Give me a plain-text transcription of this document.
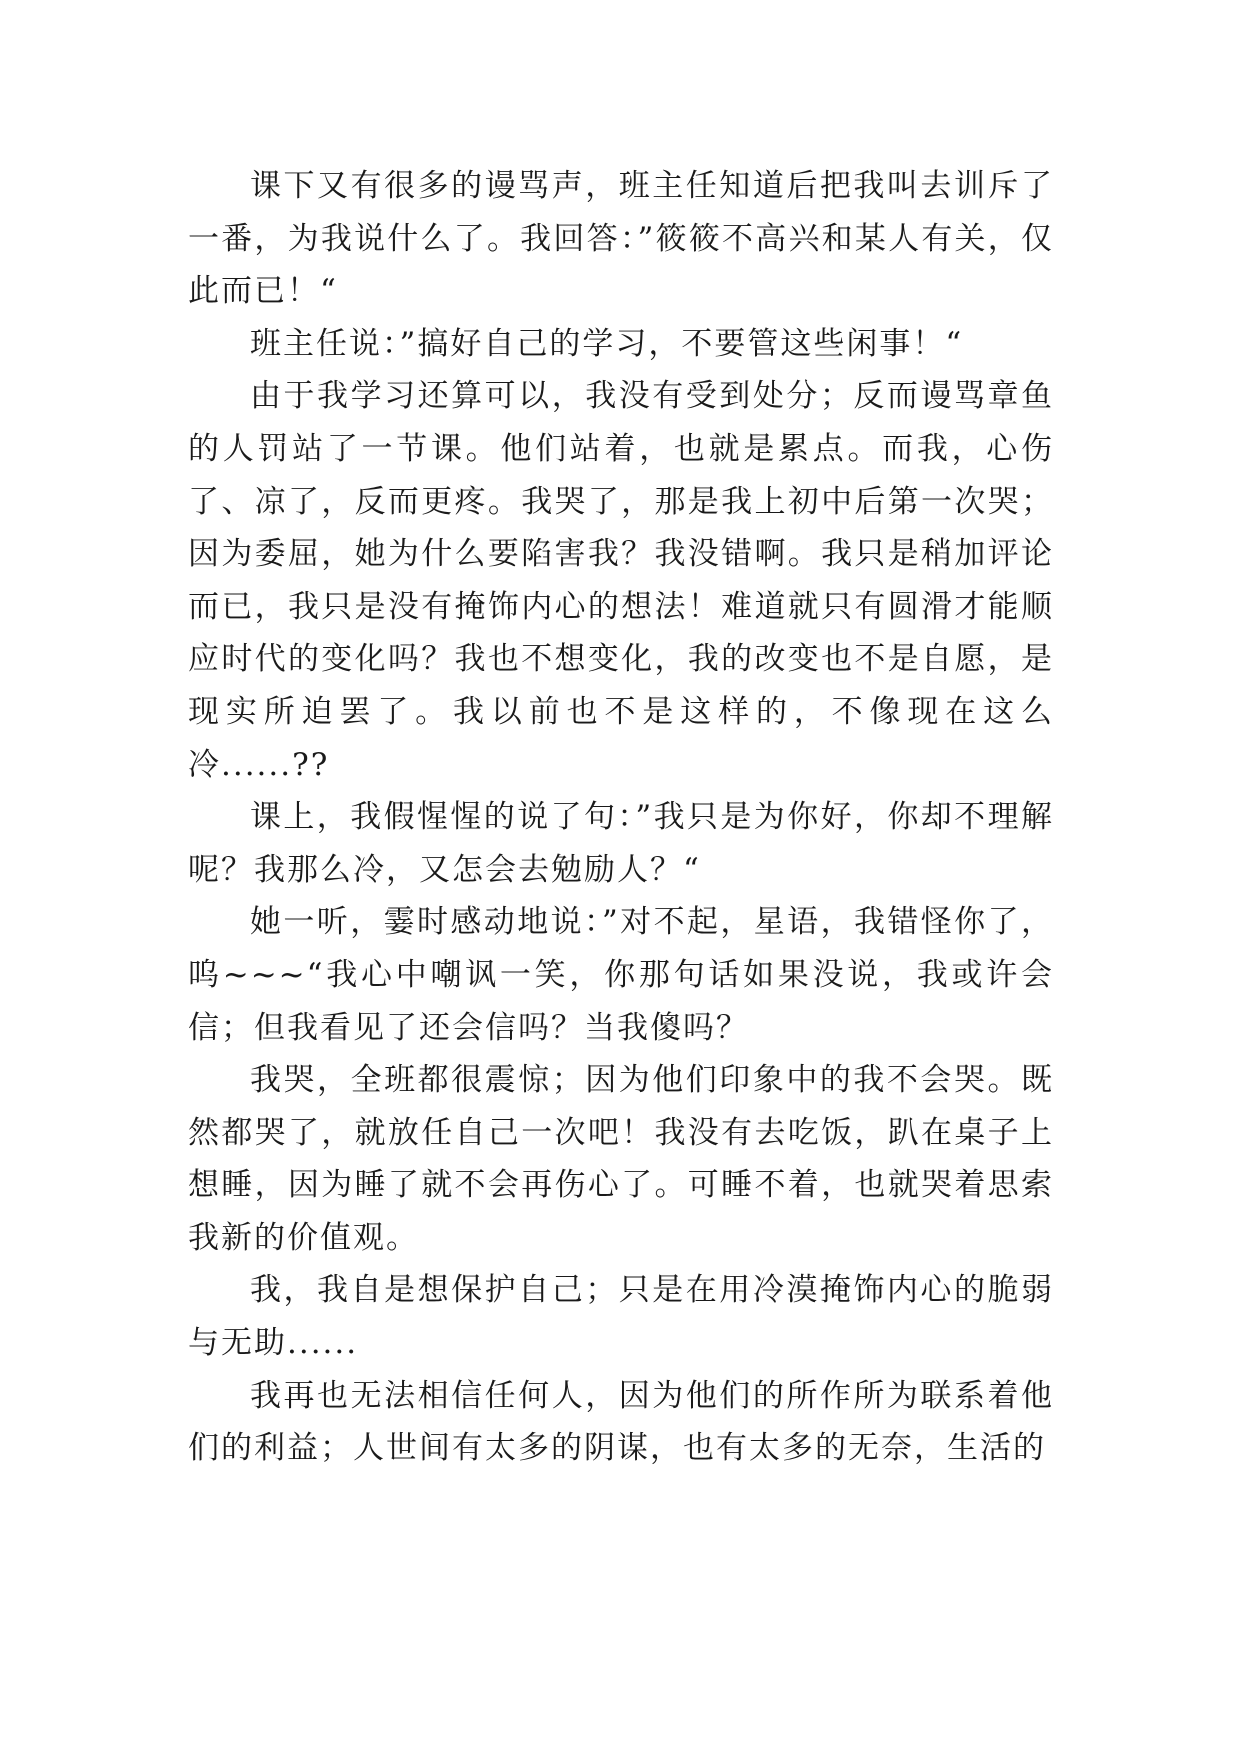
课下又有很多的谩骂声，班主任知道后把我叫去训斥了一番，为我说什么了。我回答：”筱筱不高兴和某人有关，仅此而已！“

班主任说：”搞好自己的学习，不要管这些闲事！“

由于我学习还算可以，我没有受到处分；反而谩骂章鱼的人罚站了一节课。他们站着，也就是累点。而我，心伤了、凉了，反而更疼。我哭了，那是我上初中后第一次哭；因为委屈，她为什么要陷害我？我没错啊。我只是稍加评论而已，我只是没有掩饰内心的想法！难道就只有圆滑才能顺应时代的变化吗？我也不想变化，我的改变也不是自愿，是现实所迫罢了。我以前也不是这样的，不像现在这么冷......??

课上，我假惺惺的说了句：”我只是为你好，你却不理解呢？我那么冷，又怎会去勉励人？“

她一听，霎时感动地说：”对不起，星语，我错怪你了，呜~~~“我心中嘲讽一笑，你那句话如果没说，我或许会信；但我看见了还会信吗？当我傻吗？

我哭，全班都很震惊；因为他们印象中的我不会哭。既然都哭了，就放任自己一次吧！我没有去吃饭，趴在桌子上想睡，因为睡了就不会再伤心了。可睡不着，也就哭着思索我新的价值观。

我，我自是想保护自己；只是在用冷漠掩饰内心的脆弱与无助......

我再也无法相信任何人，因为他们的所作所为联系着他们的利益；人世间有太多的阴谋，也有太多的无奈，生活的
